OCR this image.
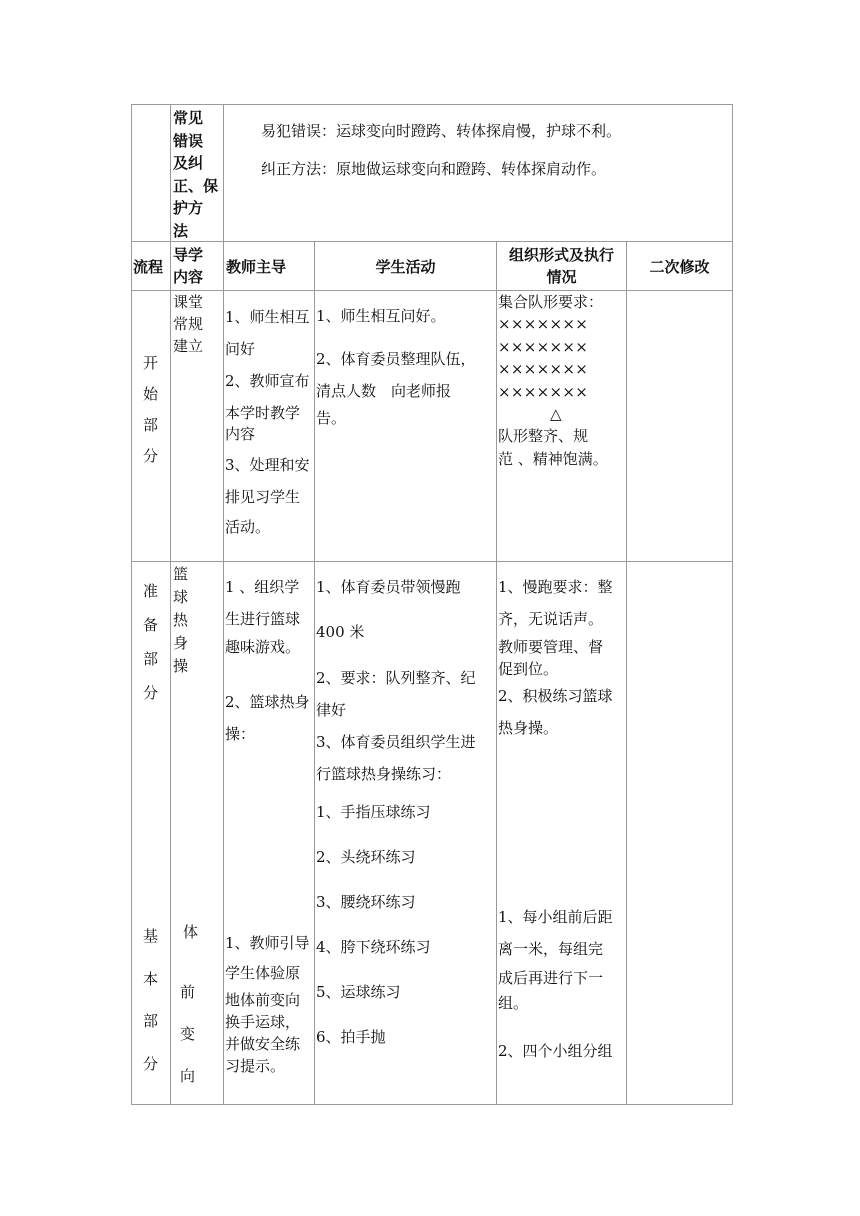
常见
错误
及纠
正、保
护方
法
易犯错误：运球变向时蹬跨、转体探肩慢，护球不利。
纠正方法：原地做运球变向和蹬跨、转体探肩动作。
流程
导学
内容
教师主导	学生活动
组织形式及执行
情况
二次修改
开
始
部
分
课堂
常规
建立
1、师生相互
问好
2、教师宣布
本学时教学
内容
3、处理和安
排见习学生
活动。
1、师生相互问好。
2、体育委员整理队伍，
清点人数　向老师报
告。
集合队形要求：
×××××××
×××××××
×××××××
×××××××
△
队形整齐、规
范 、精神饱满。
准
备
部
分
篮
球
热
身
操
1 、组织学
生进行篮球
趣味游戏。
2、篮球热身
操：
1、体育委员带领慢跑
400 米
2、要求：队列整齐、纪
律好
3、体育委员组织学生进
行篮球热身操练习：
1、手指压球练习
2、头绕环练习
3、腰绕环练习
4、胯下绕环练习
5、运球练习
6、拍手抛
1、慢跑要求：整
齐，无说话声。
教师要管理、督
促到位。
2、积极练习篮球
热身操。
基
本
部
分
体
前
变
向
1、教师引导
学生体验原
地体前变向
换手运球，
并做安全练
习提示。
1、每小组前后距
离一米，每组完
成后再进行下一
组。
2、四个小组分组
